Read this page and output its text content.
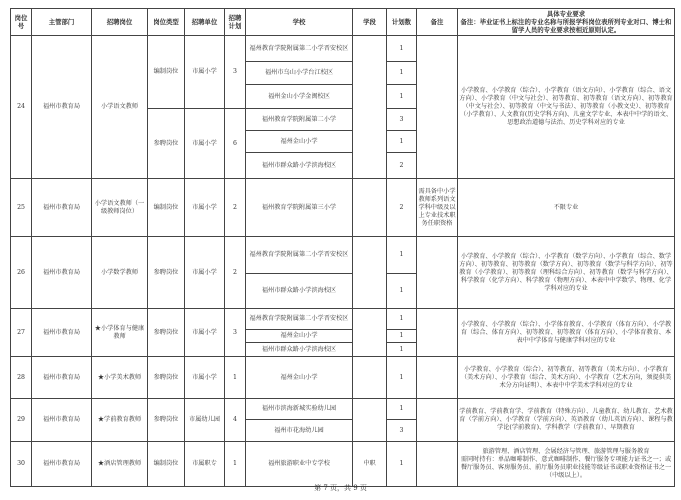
岗位号	主管部门	招聘岗位	岗位类型	招聘单位	招聘计划	学校	学段	计划数	备注	具体专业要求
备注：毕业证书上标注的专业名称与所报学科岗位表所列专业对口、博士和留学人员的专业要求按相近原则认定。

24	福州市教育局	小学语文教师	编制岗位	市属小学	3	福州教育学院附属第二小学晋安校区		1		小学教育、小学教育（综合）、小学教育（语文方向）、小学教育（综合、语文方向）、小学教育（中文与社会）、初等教育、初等教育（语文方向）、初等教育（中文与社会）、初等教育（中文与书法）、初等教育（小教文史）、初等教育（小学教育）、人文教育(历史学科方向)、儿童文学专业、本表中中学的语文、思想政治道德与法治、历史学科对应的专业
						福州市乌山小学台江校区		1		
						福州金山小学金闽校区		1		
			参聘岗位	市属小学	6	福州教育学院附属第二小学		3		
						福州金山小学		1		
						福州市群众路小学滨海校区		2		
25	福州市教育局	小学语文教师（一级教师岗位）	编制岗位	市属小学	2	福州教育学院附属第三小学		2	需具备中小学教师系列语文学科中级及以上专业技术职务任职资格	不限专业
26	福州市教育局	小学数学教师	参聘岗位	市属小学	2	福州教育学院附属第二小学晋安校区		1		小学教育、小学教育（综合）、小学教育（数学方向）、小学教育（综合、数学方向）、初等教育、初等教育（数学方向）、初等教育（数学与科学方向）、初等教育（小学教育）、初等教育（理科综合方向）、初等教育（数学与科学方向）、科学教育（化学方向）、科学教育（物理方向）、本表中中学数学、物理、化学学科对应的专业
						福州市群众路小学滨海校区		1		
27	福州市教育局	★小学体育与健康教师	参聘岗位	市属小学	3	福州教育学院附属第二小学晋安校区		1		小学教育、小学教育（综合）、小学体育教育、小学教育（体育方向）、小学教育（综合、体育方向）、初等教育、初等教育（体育方向）、小学体育教育、本表中中学体育与健康学科对应的专业
						福州金山小学		1		
						福州市群众路小学滨海校区		1		
28	福州市教育局	★小学美术教师	参聘岗位	市属小学	1	福州金山小学		1		小学教育、小学教育（综合）、初等教育、初等教育（美术方向）、小学教育（美术方向）、小学教育（综合、美术方向）、小学教育（艺术方向，须提供美术分方向证明）、本表中中学美术学科对应的专业
29	福州市教育局	★学前教育教师	参聘岗位	市属幼儿园	4	福州市滨海新城实验幼儿园		1		学前教育、学前教育学、学前教育（特殊方向）、儿童教育、幼儿教育、艺术教育（学前方向）、小学教育（学前方向）、英语教育（幼儿英语方向）、课程与教学论(学前教育)、学科教学（学前教育）、早期教育
						福州市花海幼儿园		3		
30	福州市教育局	★酒店管理教师	编制岗位	市属职专	1	福州旅游职业中专学校	中职	1		旅游管理、酒店管理、会展经济与管理、旅游管理与服务教育
需同时持有：单品咖啡制作、意式咖啡制作、餐厅服务专项能力证书之一；或餐厅服务员、客房服务员、前厅服务员职业技能等级证书或职业资格证书之一（中级以上）。
第 7 页，共 9 页
